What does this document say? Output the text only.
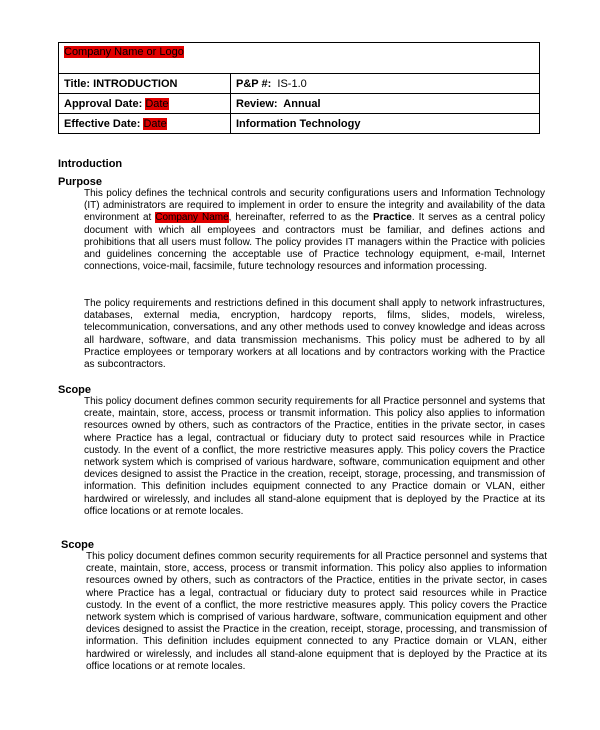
Company Name or Logo	
Title: INTRODUCTION	P&P #: IS-1.0
Approval Date: Date	Review: Annual
Effective Date: Date	Information Technology
Introduction
Purpose
This policy defines the technical controls and security configurations users and Information Technology (IT) administrators are required to implement in order to ensure the integrity and availability of the data environment at Company Name, hereinafter, referred to as the Practice. It serves as a central policy document with which all employees and contractors must be familiar, and defines actions and prohibitions that all users must follow. The policy provides IT managers within the Practice with policies and guidelines concerning the acceptable use of Practice technology equipment, e-mail, Internet connections, voice-mail, facsimile, future technology resources and information processing.
The policy requirements and restrictions defined in this document shall apply to network infrastructures, databases, external media, encryption, hardcopy reports, films, slides, models, wireless, telecommunication, conversations, and any other methods used to convey knowledge and ideas across all hardware, software, and data transmission mechanisms. This policy must be adhered to by all Practice employees or temporary workers at all locations and by contractors working with the Practice as subcontractors.
Scope
This policy document defines common security requirements for all Practice personnel and systems that create, maintain, store, access, process or transmit information. This policy also applies to information resources owned by others, such as contractors of the Practice, entities in the private sector, in cases where Practice has a legal, contractual or fiduciary duty to protect said resources while in Practice custody. In the event of a conflict, the more restrictive measures apply. This policy covers the Practice network system which is comprised of various hardware, software, communication equipment and other devices designed to assist the Practice in the creation, receipt, storage, processing, and transmission of information. This definition includes equipment connected to any Practice domain or VLAN, either hardwired or wirelessly, and includes all stand-alone equipment that is deployed by the Practice at its office locations or at remote locales.
Scope
This policy document defines common security requirements for all Practice personnel and systems that create, maintain, store, access, process or transmit information. This policy also applies to information resources owned by others, such as contractors of the Practice, entities in the private sector, in cases where Practice has a legal, contractual or fiduciary duty to protect said resources while in Practice custody. In the event of a conflict, the more restrictive measures apply. This policy covers the Practice network system which is comprised of various hardware, software, communication equipment and other devices designed to assist the Practice in the creation, receipt, storage, processing, and transmission of information. This definition includes equipment connected to any Practice domain or VLAN, either hardwired or wirelessly, and includes all stand-alone equipment that is deployed by the Practice at its office locations or at remote locales.
